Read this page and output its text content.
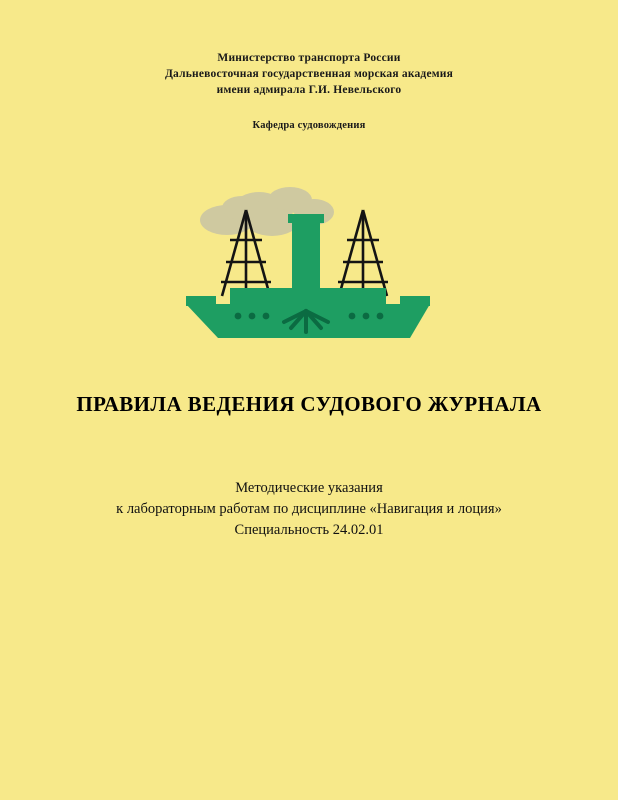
Министерство транспорта России
Дальневосточная государственная морская академия
имени адмирала Г.И. Невельского
Кафедра судовождения
ПРАВИЛА ВЕДЕНИЯ СУДОВОГО ЖУРНАЛА
Методические указания
к лабораторным работам по дисциплине «Навигация и лоция»
Специальность 24.02.01
